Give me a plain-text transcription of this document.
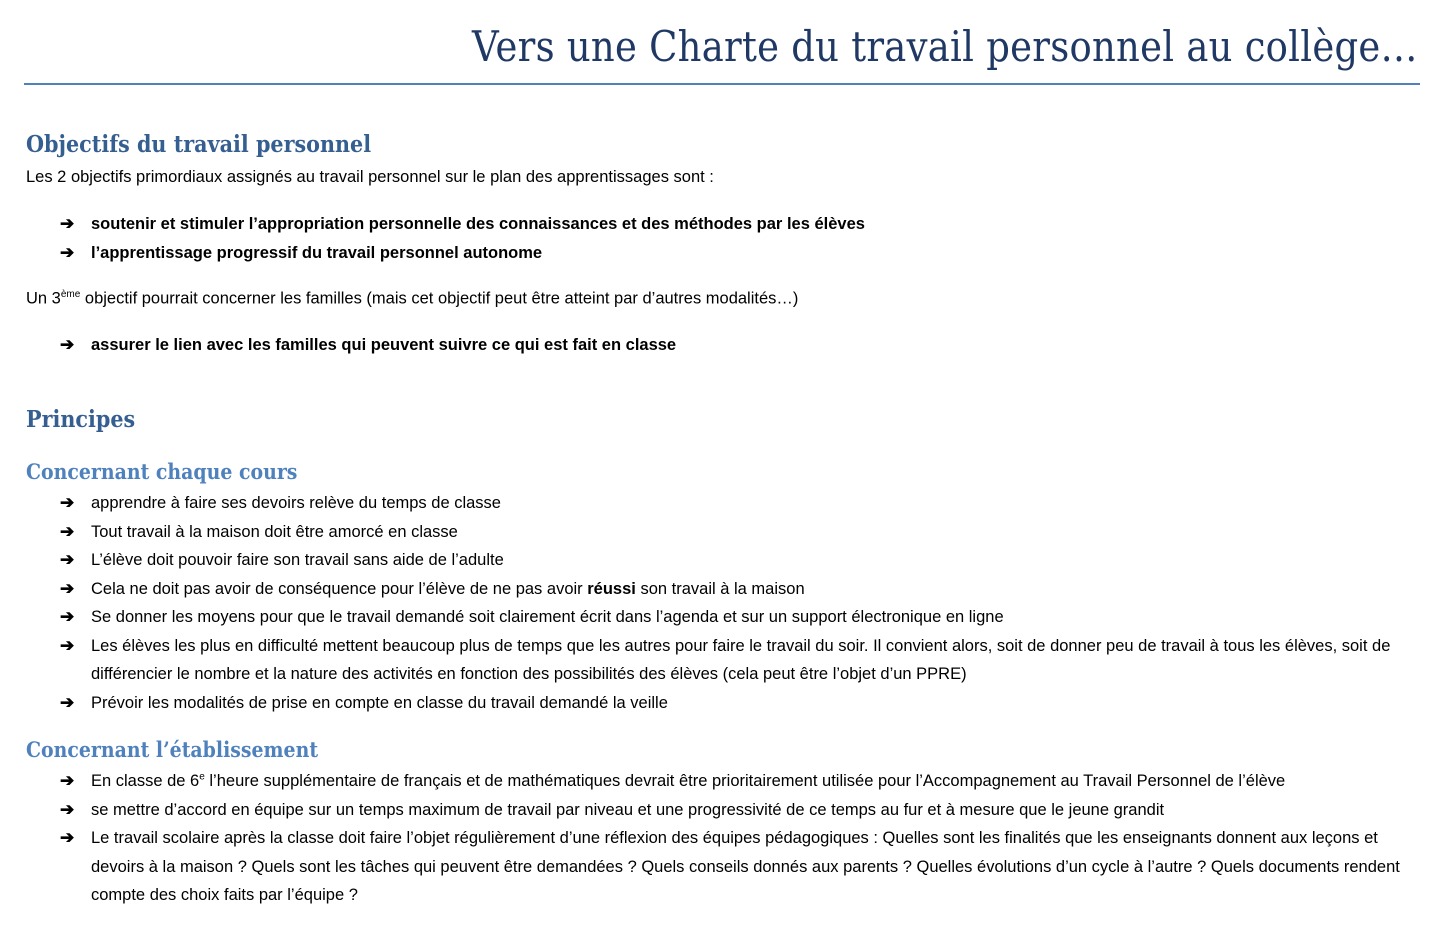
Vers une Charte du travail personnel au collège…
Objectifs du travail personnel

Les 2 objectifs primordiaux assignés au travail personnel sur le plan des apprentissages sont :

➔ soutenir et stimuler l’appropriation personnelle des connaissances et des méthodes par les élèves
➔ l’apprentissage progressif du travail personnel autonome

Un 3ème objectif pourrait concerner les familles (mais cet objectif peut être atteint par d’autres modalités…)

➔ assurer le lien avec les familles qui peuvent suivre ce qui est fait en classe
Principes
Concernant chaque cours
➔ apprendre à faire ses devoirs relève du temps de classe
➔ Tout travail à la maison doit être amorcé en classe
➔ L’élève doit pouvoir faire son travail sans aide de l’adulte
➔ Cela ne doit pas avoir de conséquence pour l’élève de ne pas avoir réussi son travail à la maison
➔ Se donner les moyens pour que le travail demandé soit clairement écrit dans l’agenda et sur un support électronique en ligne
➔ Les élèves les plus en difficulté mettent beaucoup plus de temps que les autres pour faire le travail du soir. Il convient alors, soit de donner peu de travail à tous les élèves, soit de différencier le nombre et la nature des activités en fonction des possibilités des élèves (cela peut être l’objet d’un PPRE)
➔ Prévoir les modalités de prise en compte en classe du travail demandé la veille
Concernant l’établissement
➔ En classe de 6e l’heure supplémentaire de français et de mathématiques devrait être prioritairement utilisée pour l’Accompagnement au Travail Personnel de l’élève
➔ se mettre d’accord en équipe sur un temps maximum de travail par niveau et une progressivité de ce temps au fur et à mesure que le jeune grandit
➔ Le travail scolaire après la classe doit faire l’objet régulièrement d’une réflexion des équipes pédagogiques : Quelles sont les finalités que les enseignants donnent aux leçons et devoirs à la maison ? Quels sont les tâches qui peuvent être demandées ? Quels conseils donnés aux parents ? Quelles évolutions d’un cycle à l’autre ? Quels documents rendent compte des choix faits par l’équipe ?
